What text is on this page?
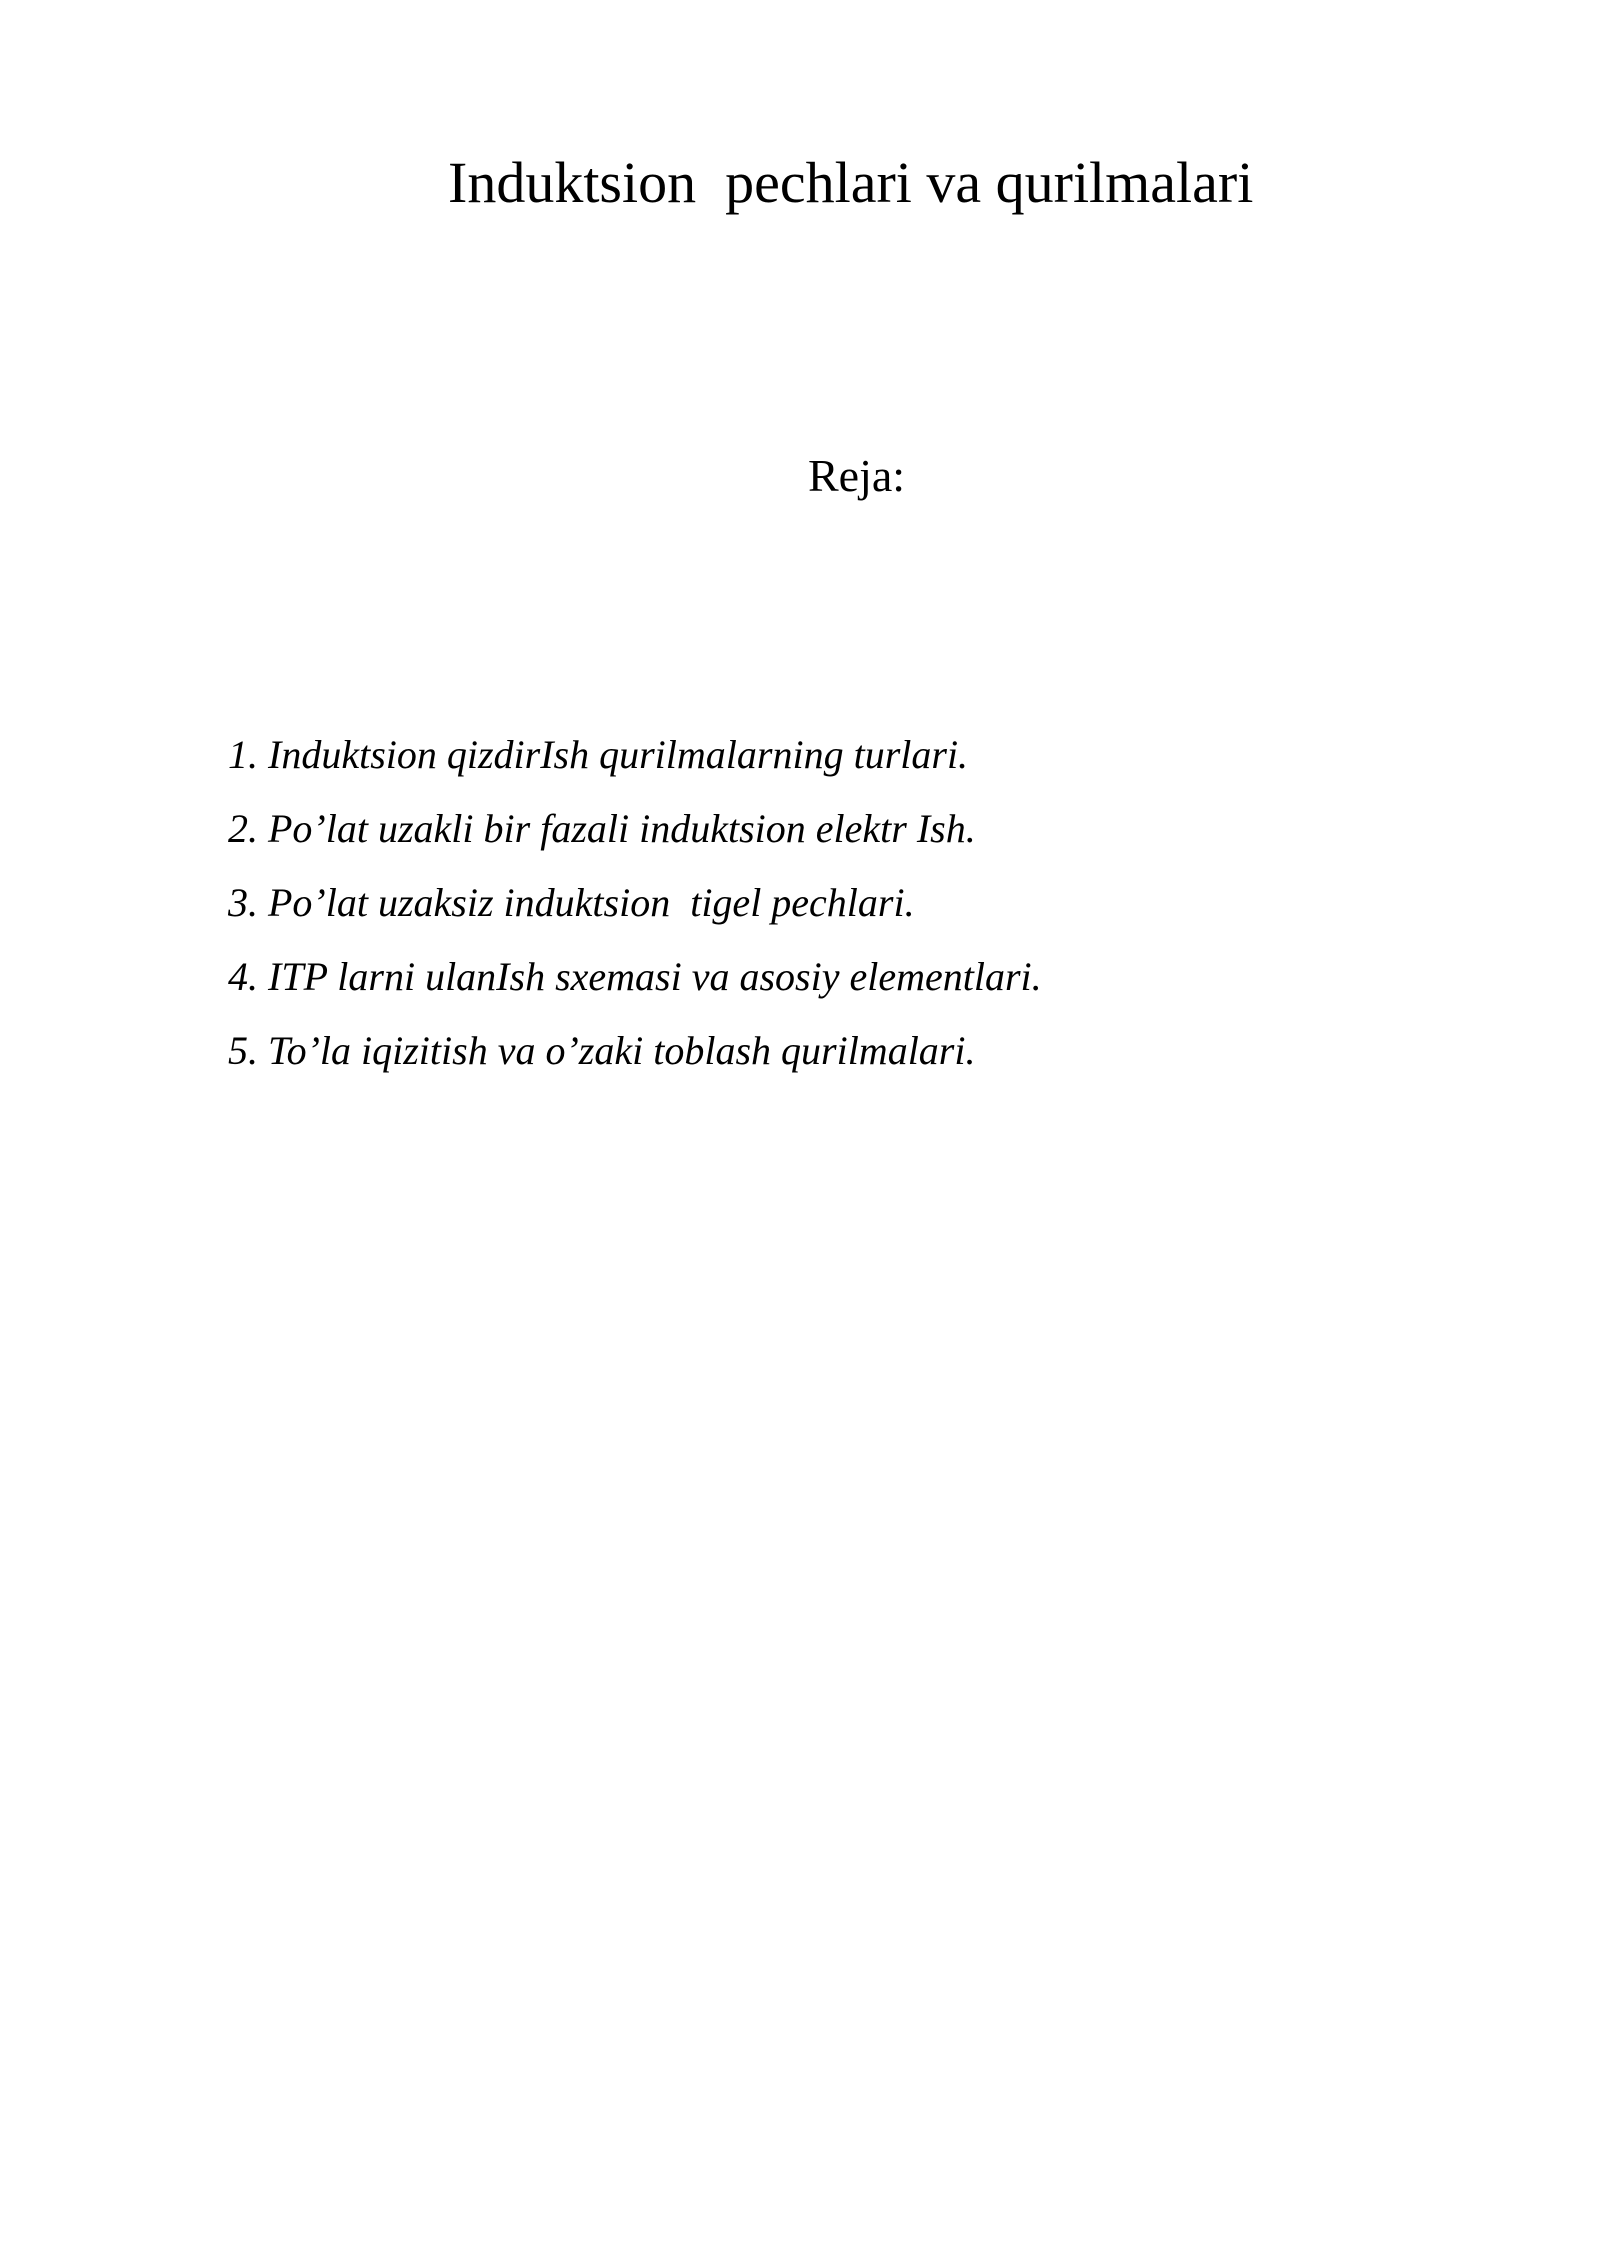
Induktsion  pechlari va qurilmalari
Reja:
1. Induktsion qizdirIsh qurilmalarning turlari.
2. Po’lat uzakli bir fazali induktsion elektr Ish.
3. Po’lat uzaksiz induktsion  tigel pechlari.
4. ITP larni ulanIsh sxemasi va asosiy elementlari.
5. To’la iqizitish va o’zaki toblash qurilmalari.
